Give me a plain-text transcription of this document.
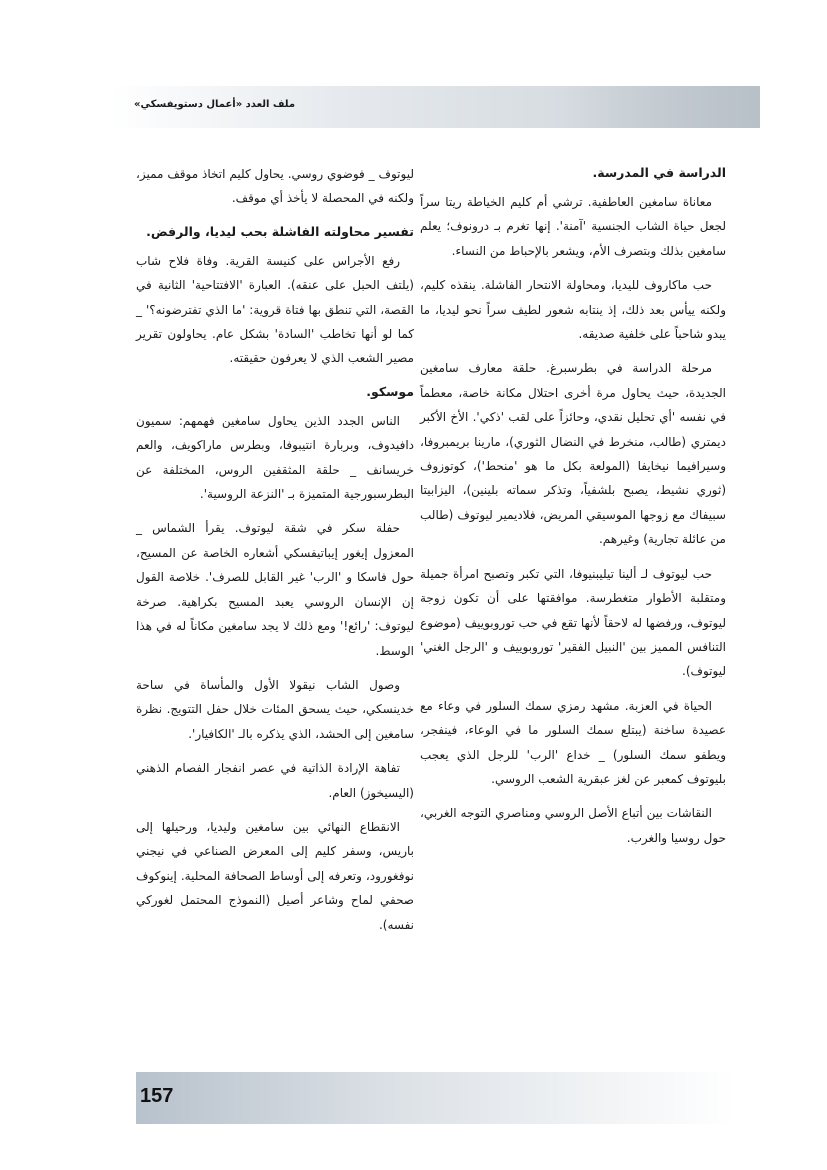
ملف العدد «أعمال دستويفسكي»
الدراسة في المدرسة.

معاناة سامغين العاطفية. ترشي أم كليم الخياطة ريتا سراً لجعل حياة الشاب الجنسية 'آمنة'. إنها تغرم بـ درونوف؛ يعلم سامغين بذلك وبتصرف الأم، ويشعر بالإحباط من النساء.

حب ماكاروف لليديا، ومحاولة الانتحار الفاشلة. ينقذه كليم، ولكنه ييأس بعد ذلك، إذ ينتابه شعور لطيف سراً نحو ليديا، ما يبدو شاحباً على خلفية صديقه.

مرحلة الدراسة في بطرسبرغ. حلقة معارف سامغين الجديدة، حيث يحاول مرة أخرى احتلال مكانة خاصة، معطماً في نفسه 'أي تحليل نقدي، وحائزاً على لقب 'ذكي'. الأخ الأكبر ديمتري (طالب، منخرط في النضال الثوري)، مارينا بريمبروفا، وسيرافيما نيخايفا (المولعة بكل ما هو 'منحط')، كوتوزوف (ثوري نشيط، يصبح بلشفياً، وتذكر سماته بلينين)، اليزابيتا سبيفاك مع زوجها الموسيقي المريض، فلاديمير ليوتوف (طالب من عائلة تجارية) وغيرهم.

حب ليوتوف لـ ألينا تيليبنيوفا، التي تكبر وتصبح امرأة جميلة ومتقلبة الأطوار متغطرسة. موافقتها على أن تكون زوجة ليوتوف، ورفضها له لاحقاً لأنها تقع في حب توروبوييف (موضوع التنافس المميز بين 'النبيل الفقير' توروبوييف و 'الرجل الغني' ليوتوف).

الحياة في العزبة. مشهد رمزي سمك السلور في وعاء مع عصيدة ساخنة (يبتلع سمك السلور ما في الوعاء، فينفجر، ويطفو سمك السلور) _ خداع 'الرب' للرجل الذي يعجب بليوتوف كمعبر عن لغز عبقرية الشعب الروسي.

النقاشات بين أتباع الأصل الروسي ومناصري التوجه الغربي، حول روسيا والغرب.

ليوتوف _ فوضوي روسي. يحاول كليم اتخاذ موقف مميز، ولكنه في المحصلة لا يأخذ أي موقف.

تفسير محاولته الفاشلة بحب ليديا، والرفض.

رفع الأجراس على كنيسة القرية. وفاة فلاح شاب (يلتف الحبل على عنقه). العبارة 'الافتتاحية' الثانية في القصة، التي تنطق بها فتاة قروية: 'ما الذي تفترضونه؟' _ كما لو أنها تخاطب 'السادة' بشكل عام. يحاولون تقرير مصير الشعب الذي لا يعرفون حقيقته.

موسكو.

الناس الجدد الذين يحاول سامغين فهمهم: سميون دافيدوف، وبربارة انتيبوفا، وبطرس ماراكويف، والعم خريسانف _ حلقة المثقفين الروس، المختلفة عن البطرسبورجية المتميزة بـ 'النزعة الروسية'.

حفلة سكر في شقة ليوتوف. يقرأ الشماس _ المعزول إيغور إيباتيفسكي أشعاره الخاصة عن المسيح، حول فاسكا و 'الرب' غير القابل للصرف'. خلاصة القول إن الإنسان الروسي يعبد المسيح بكراهية. صرخة ليوتوف: 'رائع!' ومع ذلك لا يجد سامغين مكاناً له في هذا الوسط.

وصول الشاب نيقولا الأول والمأساة في ساحة خدينسكي، حيث يسحق المئات خلال حفل التتويج. نظرة سامغين إلى الحشد، الذي يذكره بالـ 'الكافيار'.

تفاهة الإرادة الذاتية في عصر انفجار الفصام الذهني (اليسيخوز) العام.

الانقطاع النهائي بين سامغين وليديا، ورحيلها إلى باريس، وسفر كليم إلى المعرض الصناعي في نيجني نوفغورود، وتعرفه إلى أوساط الصحافة المحلية. إينوكوف صحفي لماح وشاعر أصيل (النموذج المحتمل لغوركي نفسه).

157
